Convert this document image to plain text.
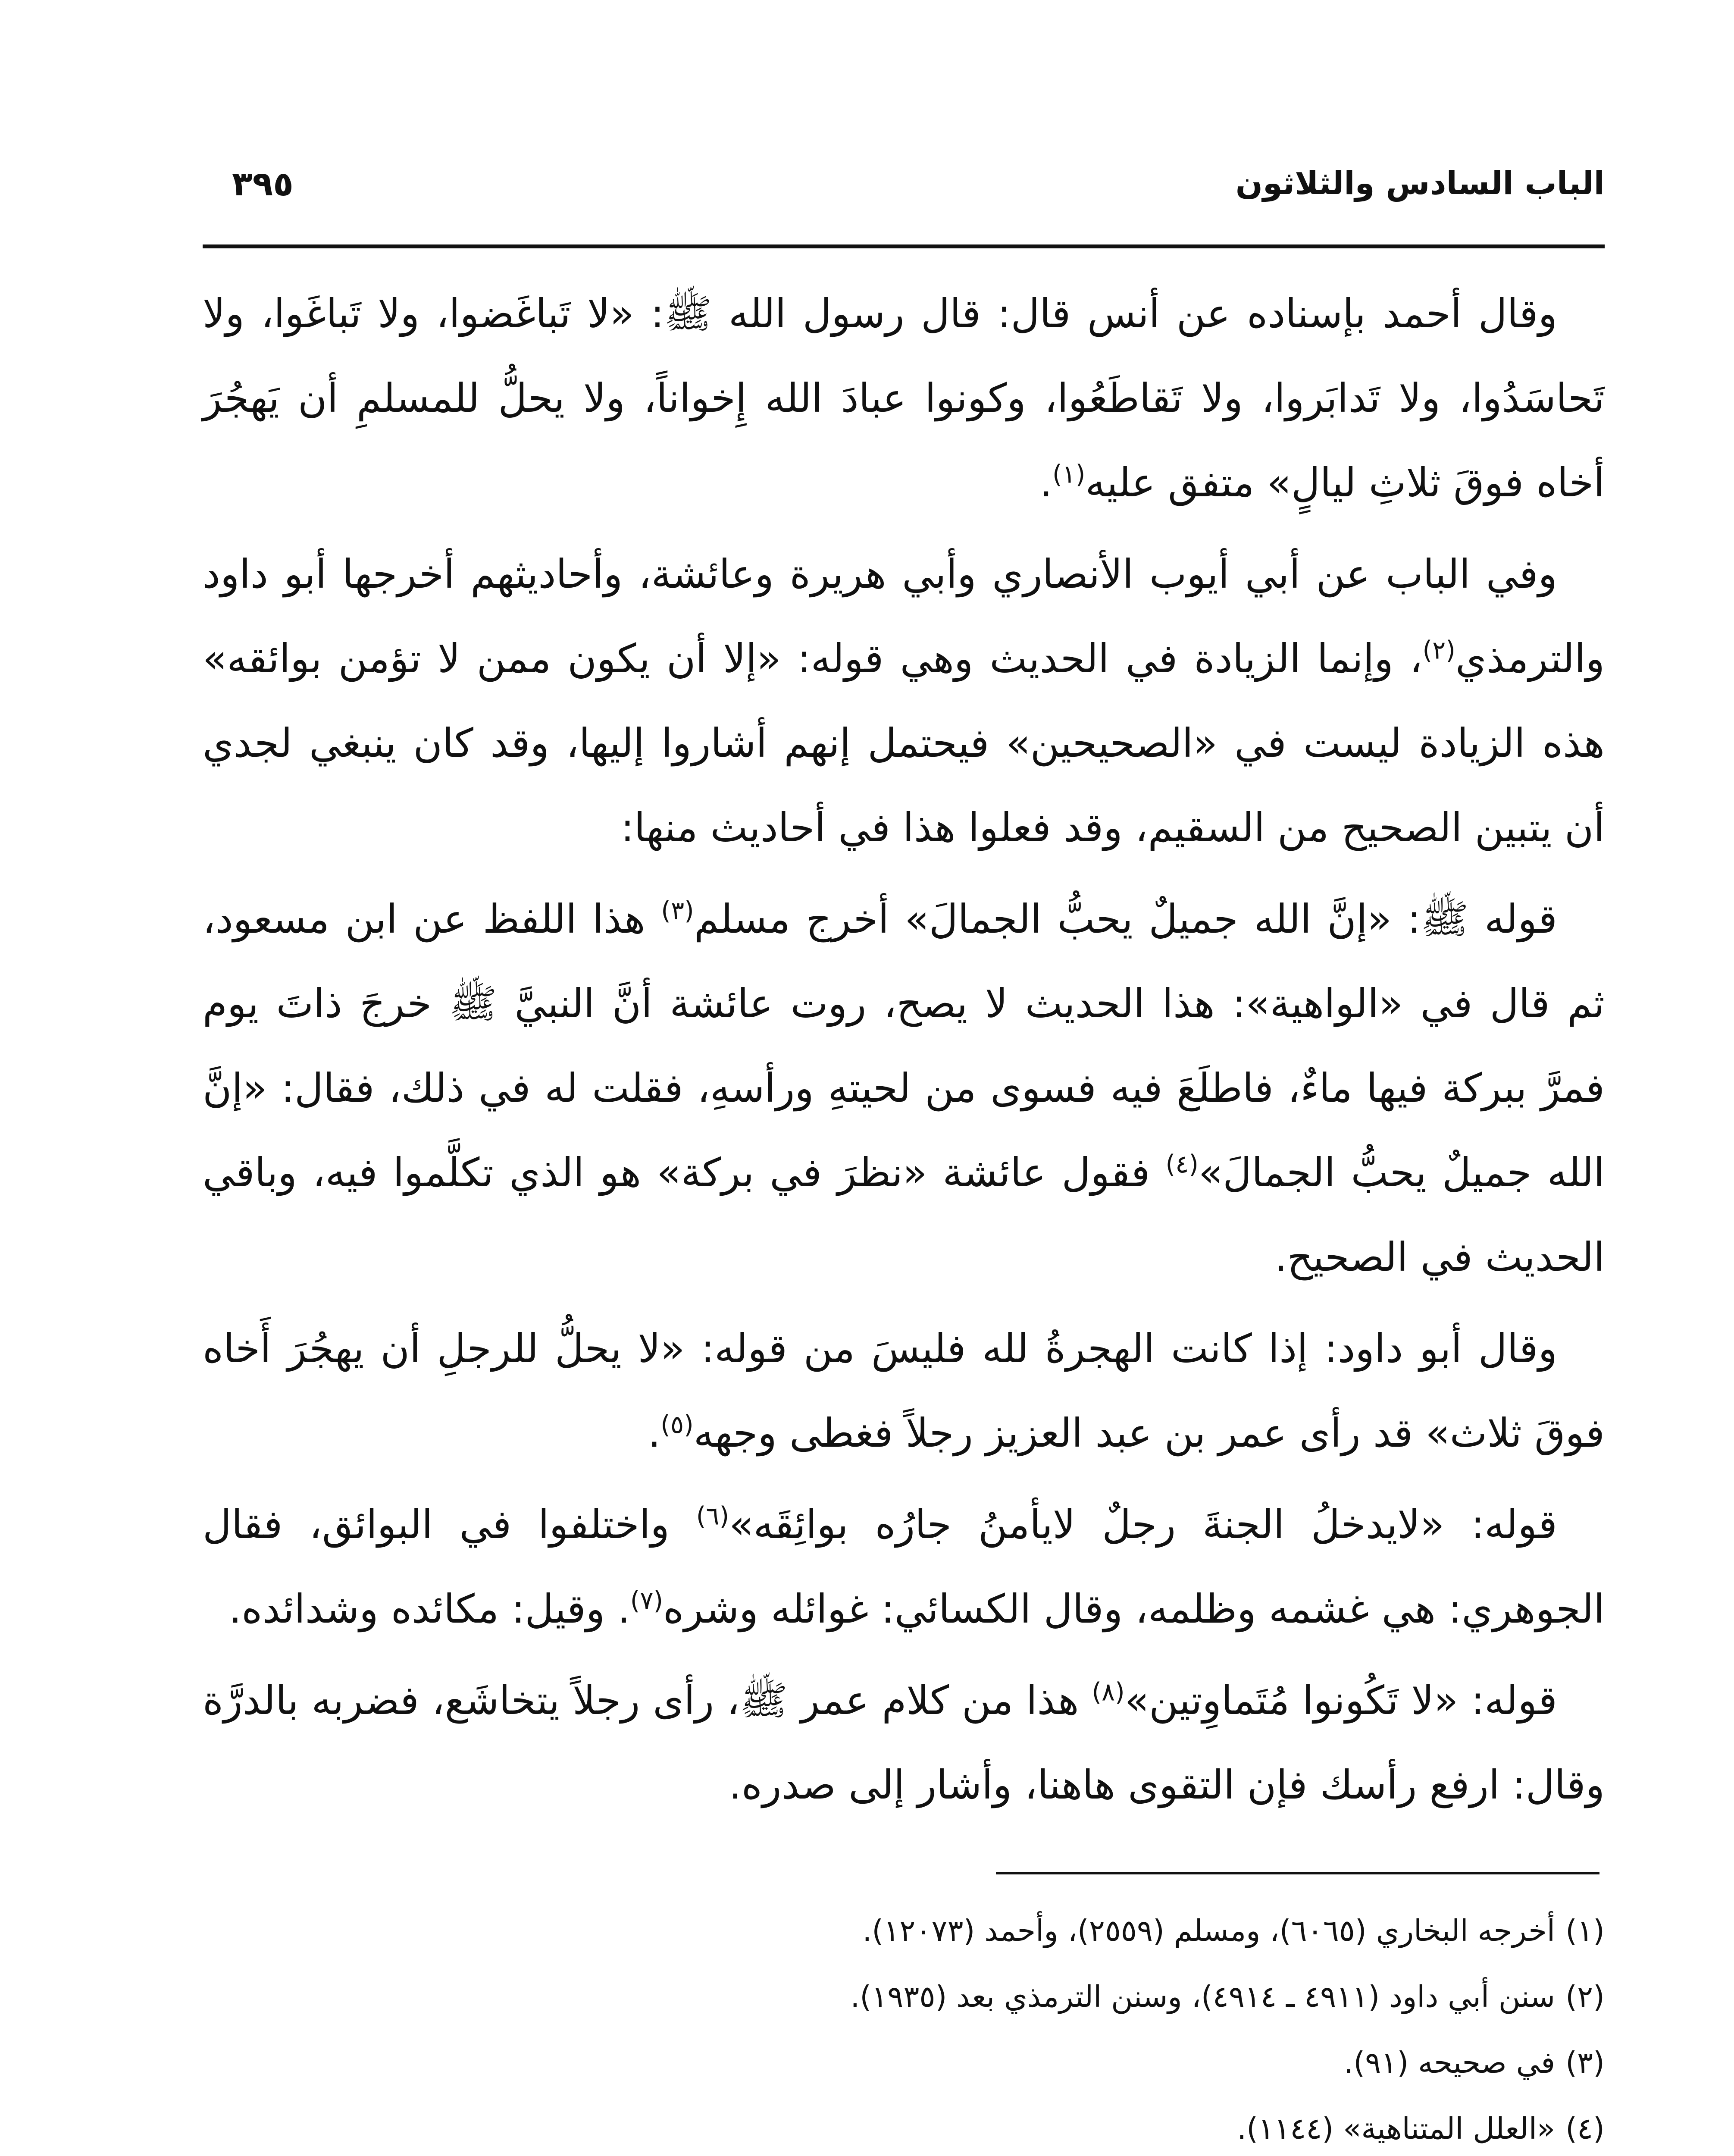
الباب السادس والثلاثون
٣٩٥

وقال أحمد بإسناده عن أنس قال: قال رسول الله ﷺ: «لا تَباغَضوا، ولا تَباغَوا، ولا تَحاسَدُوا، ولا تَدابَروا، ولا تَقاطَعُوا، وكونوا عبادَ الله إِخواناً، ولا يحلُّ للمسلمِ أن يَهجُرَ أخاه فوقَ ثلاثِ ليالٍ» متفق عليه$^{(١)}$.

وفي الباب عن أبي أيوب الأنصاري وأبي هريرة وعائشة، وأحاديثهم أخرجها أبو داود والترمذي$^{(٢)}$، وإنما الزيادة في الحديث وهي قوله: «إلا أن يكون ممن لا تؤمن بوائقه» هذه الزيادة ليست في «الصحيحين» فيحتمل إنهم أشاروا إليها، وقد كان ينبغي لجدي أن يتبين الصحيح من السقيم، وقد فعلوا هذا في أحاديث منها:

قوله ﷺ: «إنَّ الله جميلٌ يحبُّ الجمالَ» أخرج مسلم$^{(٣)}$ هذا اللفظ عن ابن مسعود، ثم قال في «الواهية»: هذا الحديث لا يصح، روت عائشة أنَّ النبيَّ ﷺ خرجَ ذاتَ يوم فمرَّ ببركة فيها ماءٌ، فاطلَعَ فيه فسوى من لحيتهِ ورأسهِ، فقلت له في ذلك، فقال: «إنَّ الله جميلٌ يحبُّ الجمالَ»$^{(٤)}$ فقول عائشة «نظرَ في بركة» هو الذي تكلَّموا فيه، وباقي الحديث في الصحيح.

وقال أبو داود: إذا كانت الهجرةُ لله فليسَ من قوله: «لا يحلُّ للرجلِ أن يهجُرَ أَخاه فوقَ ثلاث» قد رأى عمر بن عبد العزيز رجلاً فغطى وجهه$^{(٥)}$.

قوله: «لايدخلُ الجنةَ رجلٌ لايأمنُ جارُه بوائِقَه»$^{(٦)}$ واختلفوا في البوائق، فقال الجوهري: هي غشمه وظلمه، وقال الكسائي: غوائله وشره$^{(٧)}$. وقيل: مكائده وشدائده.

قوله: «لا تَكُونوا مُتَماوِتين»$^{(٨)}$ هذا من كلام عمر ﷺ، رأى رجلاً يتخاشَع، فضربه بالدرَّة وقال: ارفع رأسك فإن التقوى هاهنا، وأشار إلى صدره.

(١)أخرجه البخاري (٦٠٦٥)، ومسلم (٢٥٥٩)، وأحمد (١٢٠٧٣).
(٢)سنن أبي داود (٤٩١١ ـ ٤٩١٤)، وسنن الترمذي بعد (١٩٣٥).
(٣)في صحيحه (٩١).
(٤)«العلل المتناهية» (١١٤٤).
